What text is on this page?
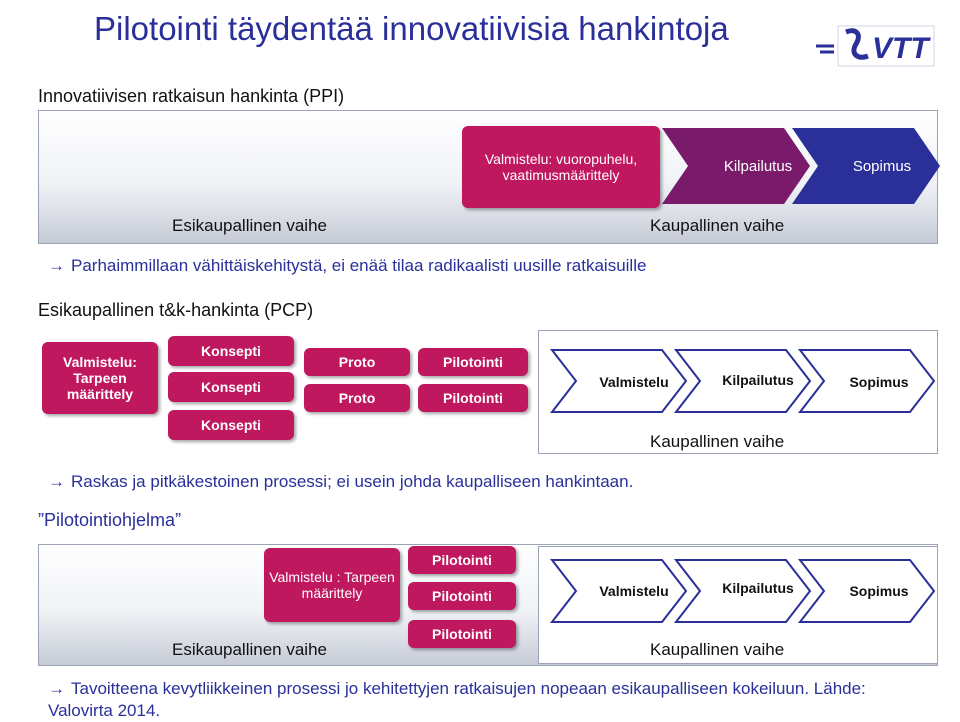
Pilotointi täydentää innovatiivisia hankintoja
VTT
Innovatiivisen ratkaisun hankinta (PPI)
Valmistelu: vuoropuhelu, vaatimusmäärittely	Kilpailutus	Sopimus
Esikaupallinen vaihe	Kaupallinen vaihe
→ Parhaimmillaan vähittäiskehitystä, ei enää tilaa radikaalisti uusille ratkaisuille
Esikaupallinen t&k-hankinta (PCP)
Valmistelu: Tarpeen määrittely
Konsepti
Konsepti
Konsepti
Proto
Proto
Pilotointi
Pilotointi
Valmistelu	Kilpailutus	Sopimus
Kaupallinen vaihe
→ Raskas ja pitkäkestoinen prosessi; ei usein johda kaupalliseen hankintaan.
”Pilotointiohjelma”
Valmistelu : Tarpeen määrittely
Pilotointi
Pilotointi
Pilotointi
Valmistelu	Kilpailutus	Sopimus
Esikaupallinen vaihe	Kaupallinen vaihe
→ Tavoitteena kevytliikkeinen prosessi jo kehitettyjen ratkaisujen nopeaan esikaupalliseen kokeiluun. Lähde: Valovirta 2014.
